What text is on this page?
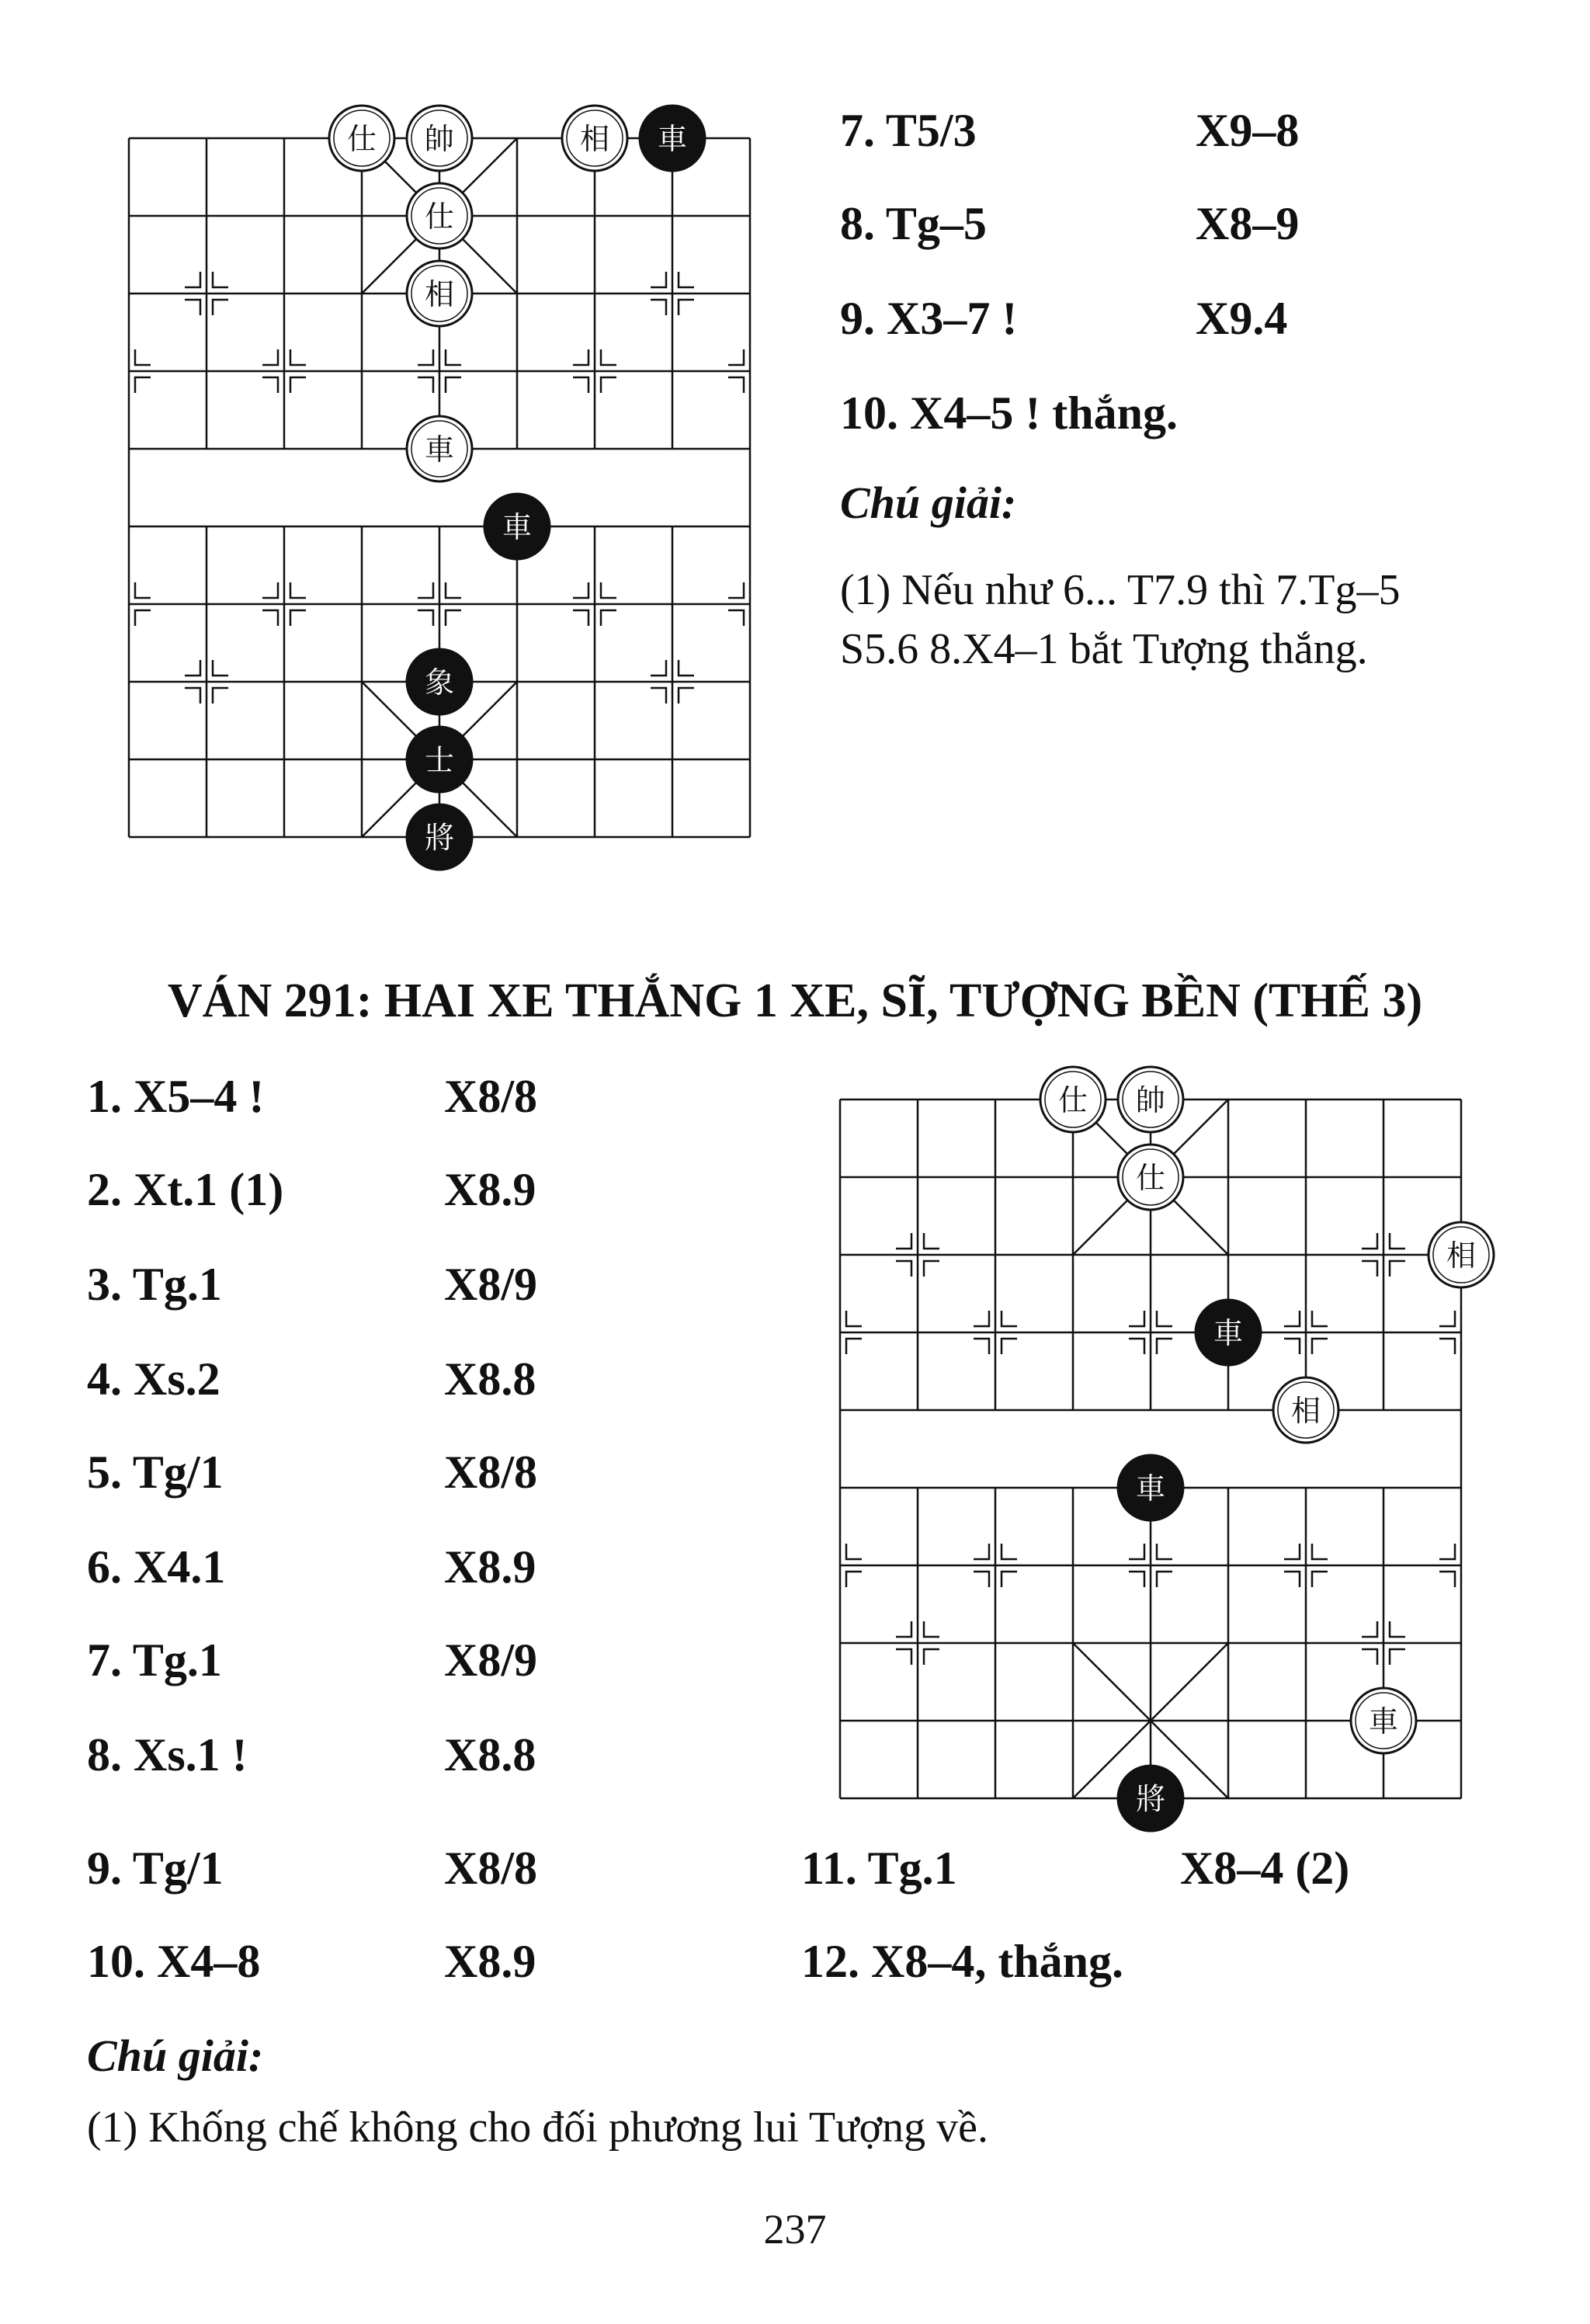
仕 帥	相 車
仕
相
車
車
象
士
將
7. T5/3	X9–8
8. Tg–5	X8–9
9. X3–7 !	X9.4
10. X4–5 ! thắng.
Chú giải:
(1) Nếu như 6... T7.9 thì 7.Tg–5
S5.6 8.X4–1 bắt Tượng thắng.
VÁN 291: HAI XE THẮNG 1 XE, SĨ, TƯỢNG BỀN (THẾ 3)
1. X5–4 !	X8/8
2. Xt.1 (1)	X8.9
3. Tg.1	X8/9
4. Xs.2	X8.8
5. Tg/1	X8/8
6. X4.1	X8.9
7. Tg.1	X8/9
8. Xs.1 !	X8.8
9. Tg/1	X8/8
10. X4–8	X8.9
11. Tg.1	X8–4 (2)
12. X8–4, thắng.
仕 帥
仕
相
車
相
車
車
將
Chú giải:
(1) Khống chế không cho đối phương lui Tượng về.
237
